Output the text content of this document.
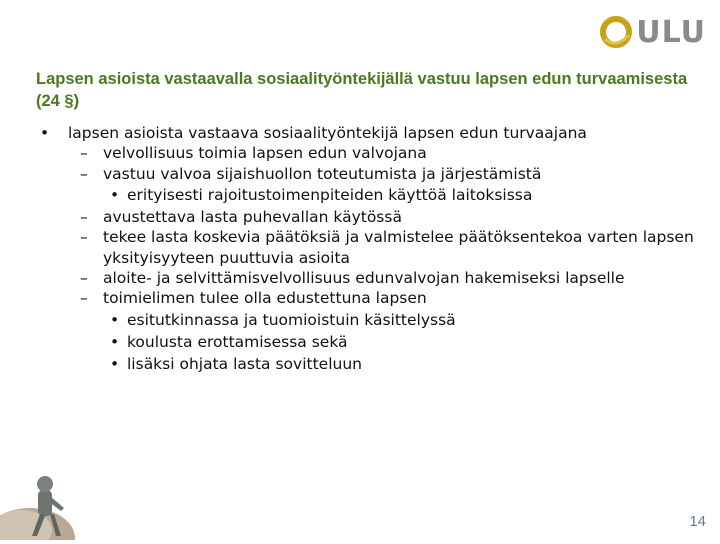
ULU
Lapsen asioista vastaavalla sosiaalityöntekijällä vastuu lapsen edun turvaamisesta (24 §)
• lapsen asioista vastaava sosiaalityöntekijä lapsen edun turvaajana
– velvollisuus toimia lapsen edun valvojana
– vastuu valvoa sijaishuollon toteutumista ja järjestämistä
• erityisesti rajoitustoimenpiteiden käyttöä laitoksissa
– avustettava lasta puhevallan käytössä
– tekee lasta koskevia päätöksiä ja valmistelee päätöksentekoa varten lapsen yksityisyyteen puuttuvia asioita
– aloite- ja selvittämisvelvollisuus edunvalvojan hakemiseksi lapselle
– toimielimen tulee olla edustettuna lapsen
• esitutkinnassa ja tuomioistuin käsittelyssä
• koulusta erottamisessa sekä
• lisäksi ohjata lasta sovitteluun
14
